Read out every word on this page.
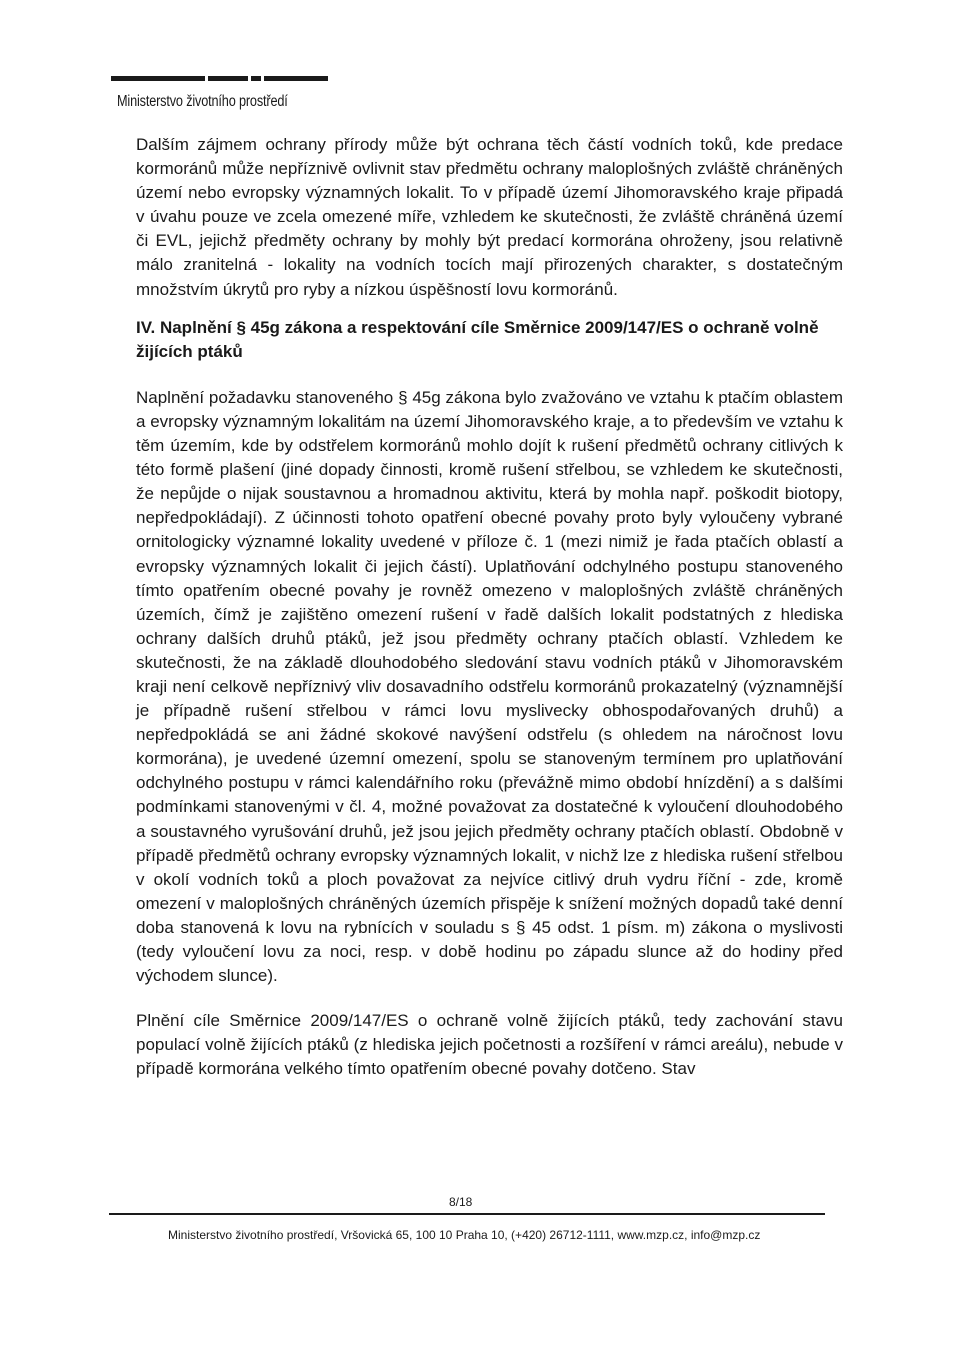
Ministerstvo životního prostředí

Dalším zájmem ochrany přírody může být ochrana těch částí vodních toků, kde predace kormoránů může nepříznivě ovlivnit stav předmětu ochrany maloplošných zvláště chráněných území nebo evropsky významných lokalit. To v případě území Jihomoravského kraje připadá v úvahu pouze ve zcela omezené míře, vzhledem ke skutečnosti, že zvláště chráněná území či EVL, jejichž předměty ochrany by mohly být predací kormorána ohroženy, jsou relativně málo zranitelná - lokality na vodních tocích mají přirozených charakter, s dostatečným množstvím úkrytů pro ryby a nízkou úspěšností lovu kormoránů.

IV. Naplnění § 45g zákona a respektování cíle Směrnice 2009/147/ES o ochraně volně žijících ptáků

Naplnění požadavku stanoveného § 45g zákona bylo zvažováno ve vztahu k ptačím oblastem a evropsky významným lokalitám na území Jihomoravského kraje, a to především ve vztahu k těm územím, kde by odstřelem kormoránů mohlo dojít k rušení předmětů ochrany citlivých k této formě plašení (jiné dopady činnosti, kromě rušení střelbou, se vzhledem ke skutečnosti, že nepůjde o nijak soustavnou a hromadnou aktivitu, která by mohla např. poškodit biotopy, nepředpokládají). Z účinnosti tohoto opatření obecné povahy proto byly vyloučeny vybrané ornitologicky významné lokality uvedené v příloze č. 1 (mezi nimiž je řada ptačích oblastí a evropsky významných lokalit či jejich částí). Uplatňování odchylného postupu stanoveného tímto opatřením obecné povahy je rovněž omezeno v maloplošných zvláště chráněných územích, čímž je zajištěno omezení rušení v řadě dalších lokalit podstatných z hlediska ochrany dalších druhů ptáků, jež jsou předměty ochrany ptačích oblastí. Vzhledem ke skutečnosti, že na základě dlouhodobého sledování stavu vodních ptáků v Jihomoravském kraji není celkově nepříznivý vliv dosavadního odstřelu kormoránů prokazatelný (významnější je případně rušení střelbou v rámci lovu myslivecky obhospodařovaných druhů) a nepředpokládá se ani žádné skokové navýšení odstřelu (s ohledem na náročnost lovu kormorána), je uvedené územní omezení, spolu se stanoveným termínem pro uplatňování odchylného postupu v rámci kalendářního roku (převážně mimo období hnízdění) a s dalšími podmínkami stanovenými v čl. 4, možné považovat za dostatečné k vyloučení dlouhodobého a soustavného vyrušování druhů, jež jsou jejich předměty ochrany ptačích oblastí. Obdobně v případě předmětů ochrany evropsky významných lokalit, v nichž lze z hlediska rušení střelbou v okolí vodních toků a ploch považovat za nejvíce citlivý druh vydru říční - zde, kromě omezení v maloplošných chráněných územích přispěje k snížení možných dopadů také denní doba stanovená k lovu na rybnících v souladu s § 45 odst. 1 písm. m) zákona o myslivosti (tedy vyloučení lovu za noci, resp. v době hodinu po západu slunce až do hodiny před východem slunce).

Plnění cíle Směrnice 2009/147/ES o ochraně volně žijících ptáků, tedy zachování stavu populací volně žijících ptáků (z hlediska jejich početnosti a rozšíření v rámci areálu), nebude v případě kormorána velkého tímto opatřením obecné povahy dotčeno. Stav

8/18
Ministerstvo životního prostředí, Vršovická 65, 100 10 Praha 10, (+420) 26712-1111, www.mzp.cz, info@mzp.cz
